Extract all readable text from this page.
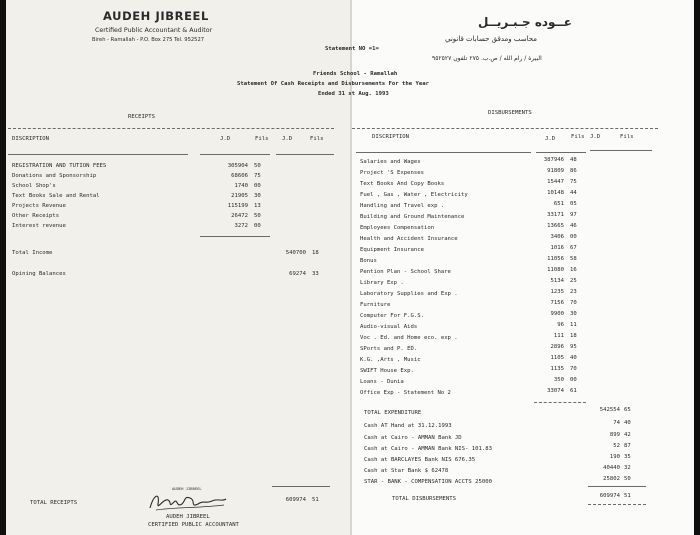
AUDEH JIBREEL
Certified Public Accountant & Auditor
Bireh - Ramallah - P.O. Box 275 Tel. 952527
عــوده جـبـريــل
محاسب ومدقق حسابات قانوني
البيرة / رام الله / ص.ب. ٢٧٥ تلفون ٩٥٢٥٢٧
Statement NO =1=
Friends School - Ramallah
Statement Of Cash Receipts and Disbursements For the Year
Ended 31 st Aug. 1993
RECEIPTS
DISCRIPTION	J.D	Fils J.D	Fils
REGISTRATION AND TUTION FEES	305904 50
Donations and Sponsorship	68606 75
School Shop's	1740 00
Text Books Sale and Rental	21905 30
Projects Revenue	115199 13
Other Receipts	26472 50
Interest revenue	3272 00
Total Income	540700 18
Opining Balances	69274 33
TOTAL RECEIPTS	609974 51
AUDEH JIBREEL
AUDEH JIBREEL
CERTIFIED PUBLIC ACCOUNTANT
DISBURSEMENTS
DISCRIPTION	J.D	Fils J.D	Fils
Salaries and Wages	387946 48
Project 'S Expenses	91809 86
Text Books And Copy Books	15447 75
Fuel , Gas , Water , Electricity	10148 44
Handling and Travel exp .	651 05
Building and Ground Maintenance	33171 97
Employees Compensation	13665 46
Health and Accident Insurance	3406 00
Equipment Insurance	1016 67
Bonus	11056 58
Pention Plan - School Share	11080 16
Library Exp .	5134 25
Laboratory Supplies and Exp .	1235 23
Furniture	7156 70
Computer For F.G.S.	9900 30
Audio-visual Aids	96 11
Voc . Ed. and Home eco. exp .	111 18
SPorts and P. ED.	2896 95
K.G. ,Arts , Music	1105 40
SWIFT House Exp.	1135 70
Loans - Dunia	350 00
Office Exp - Statement No 2	33074 61
TOTAL EXPENDITURE	542554 65
Cash AT Hand at 31.12.1993	74 40
Cash at Cairo - AMMAN Bank JD	899 42
Cash at Cairo - AMMAN Bank NIS- 101.83	52 87
Cash at BARCLAYES Bank NIS 676.35	190 35
Cash at Star Bank $ 62478	40440 32
STAR - BANK - COMPENSATION ACCTS 25000	25802 50
TOTAL DISBURSEMENTS	609974 51
